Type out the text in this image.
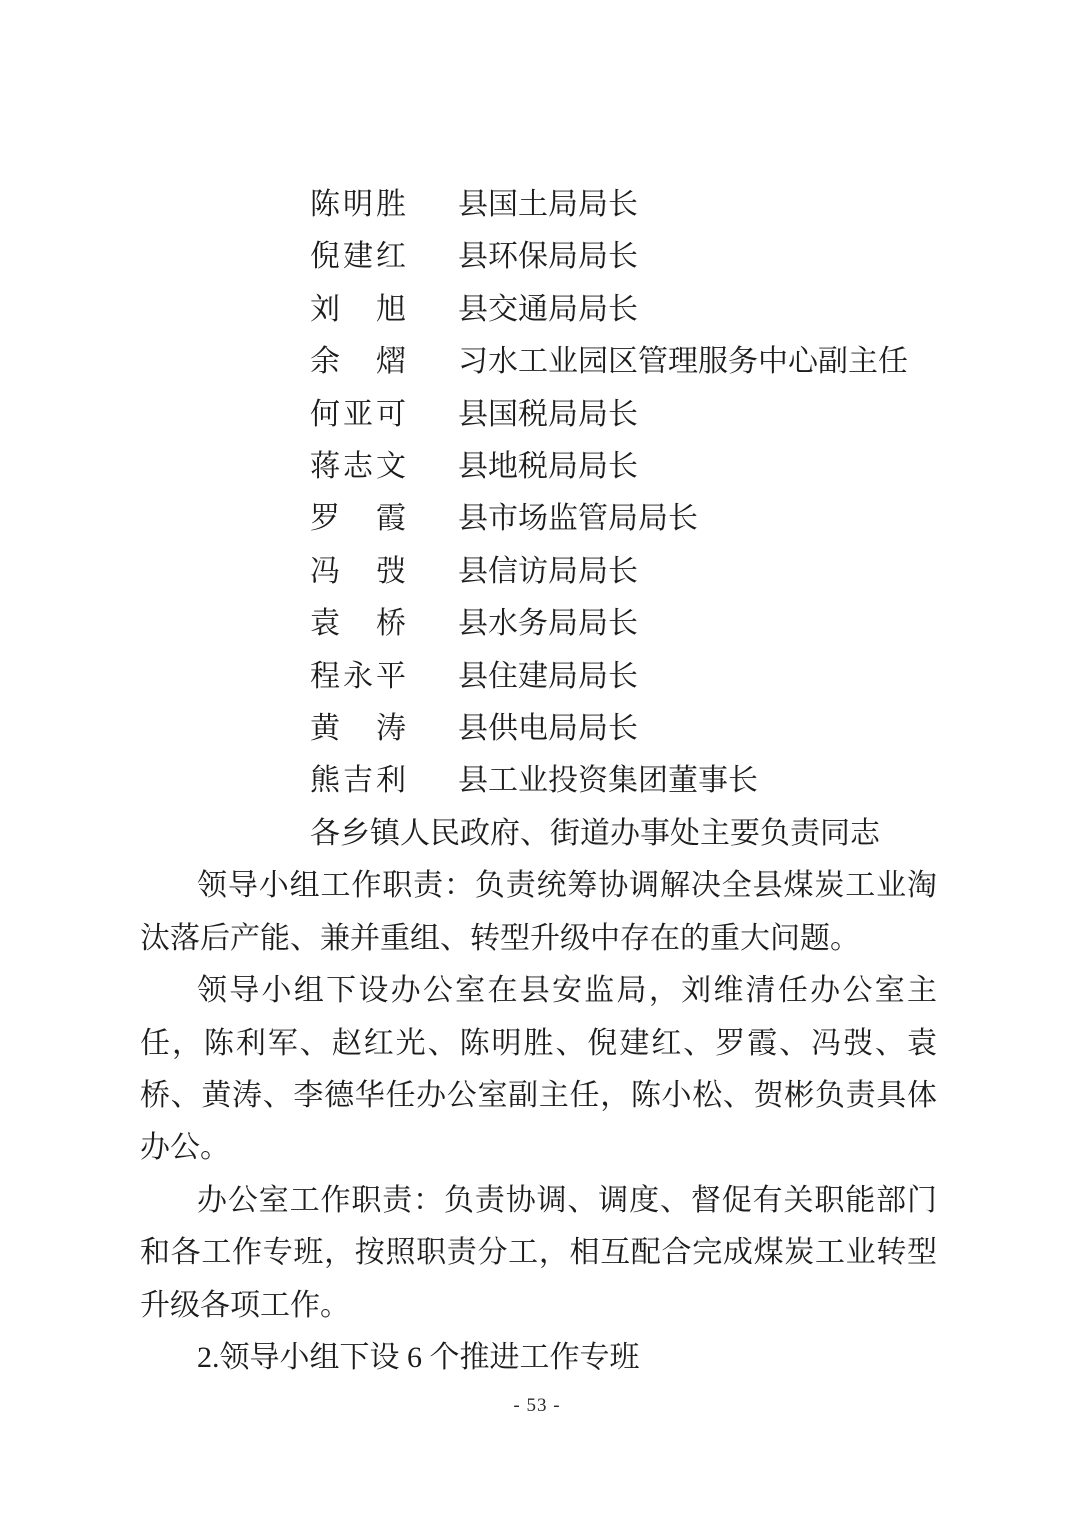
陈明胜 县国土局局长
倪建红 县环保局局长
刘旭 县交通局局长
余熠 习水工业园区管理服务中心副主任
何亚可 县国税局局长
蒋志文 县地税局局长
罗霞 县市场监管局局长
冯弢 县信访局局长
袁桥 县水务局局长
程永平 县住建局局长
黄涛 县供电局局长
熊吉利 县工业投资集团董事长
各乡镇人民政府、街道办事处主要负责同志

领导小组工作职责：负责统筹协调解决全县煤炭工业淘汰落后产能、兼并重组、转型升级中存在的重大问题。

领导小组下设办公室在县安监局，刘维清任办公室主任，陈利军、赵红光、陈明胜、倪建红、罗霞、冯弢、袁桥、黄涛、李德华任办公室副主任，陈小松、贺彬负责具体办公。

办公室工作职责：负责协调、调度、督促有关职能部门和各工作专班，按照职责分工，相互配合完成煤炭工业转型升级各项工作。

2.领导小组下设 6 个推进工作专班

- 53 -
